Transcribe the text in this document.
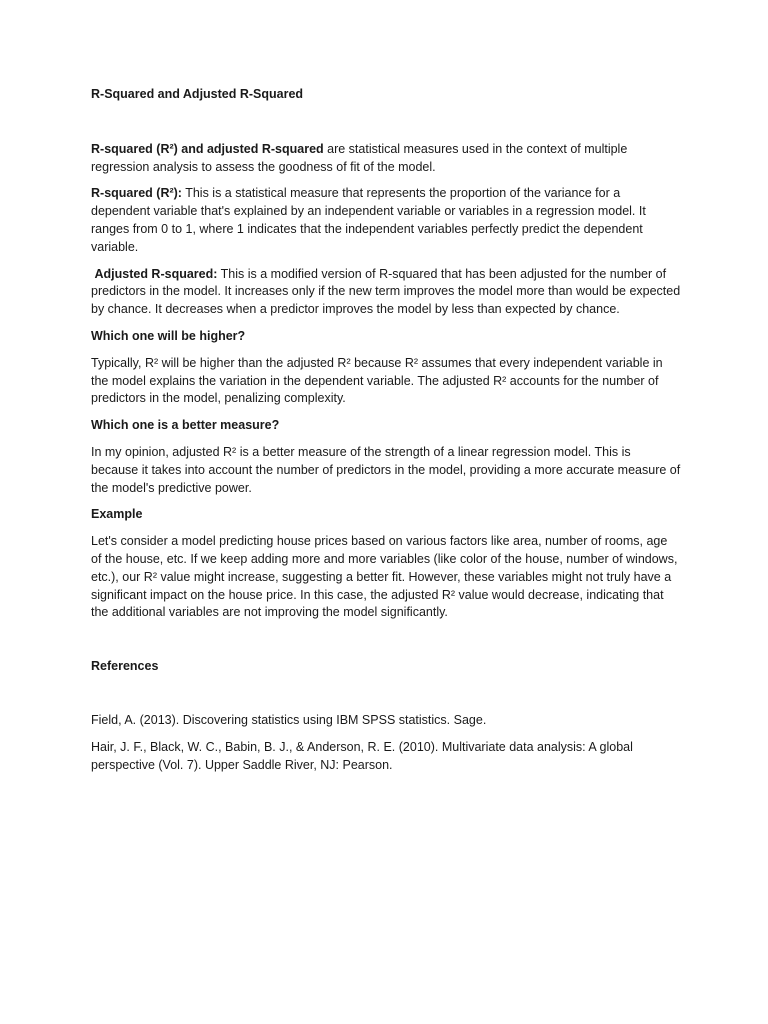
R-Squared and Adjusted R-Squared

R-squared (R²) and adjusted R-squared are statistical measures used in the context of multiple regression analysis to assess the goodness of fit of the model.

R-squared (R²): This is a statistical measure that represents the proportion of the variance for a dependent variable that's explained by an independent variable or variables in a regression model. It ranges from 0 to 1, where 1 indicates that the independent variables perfectly predict the dependent variable.

Adjusted R-squared: This is a modified version of R-squared that has been adjusted for the number of predictors in the model. It increases only if the new term improves the model more than would be expected by chance. It decreases when a predictor improves the model by less than expected by chance.

Which one will be higher?

Typically, R² will be higher than the adjusted R² because R² assumes that every independent variable in the model explains the variation in the dependent variable. The adjusted R² accounts for the number of predictors in the model, penalizing complexity.

Which one is a better measure?

In my opinion, adjusted R² is a better measure of the strength of a linear regression model. This is because it takes into account the number of predictors in the model, providing a more accurate measure of the model's predictive power.

Example

Let's consider a model predicting house prices based on various factors like area, number of rooms, age of the house, etc. If we keep adding more and more variables (like color of the house, number of windows, etc.), our R² value might increase, suggesting a better fit. However, these variables might not truly have a significant impact on the house price. In this case, the adjusted R² value would decrease, indicating that the additional variables are not improving the model significantly.

References

Field, A. (2013). Discovering statistics using IBM SPSS statistics. Sage.

Hair, J. F., Black, W. C., Babin, B. J., & Anderson, R. E. (2010). Multivariate data analysis: A global perspective (Vol. 7). Upper Saddle River, NJ: Pearson.
